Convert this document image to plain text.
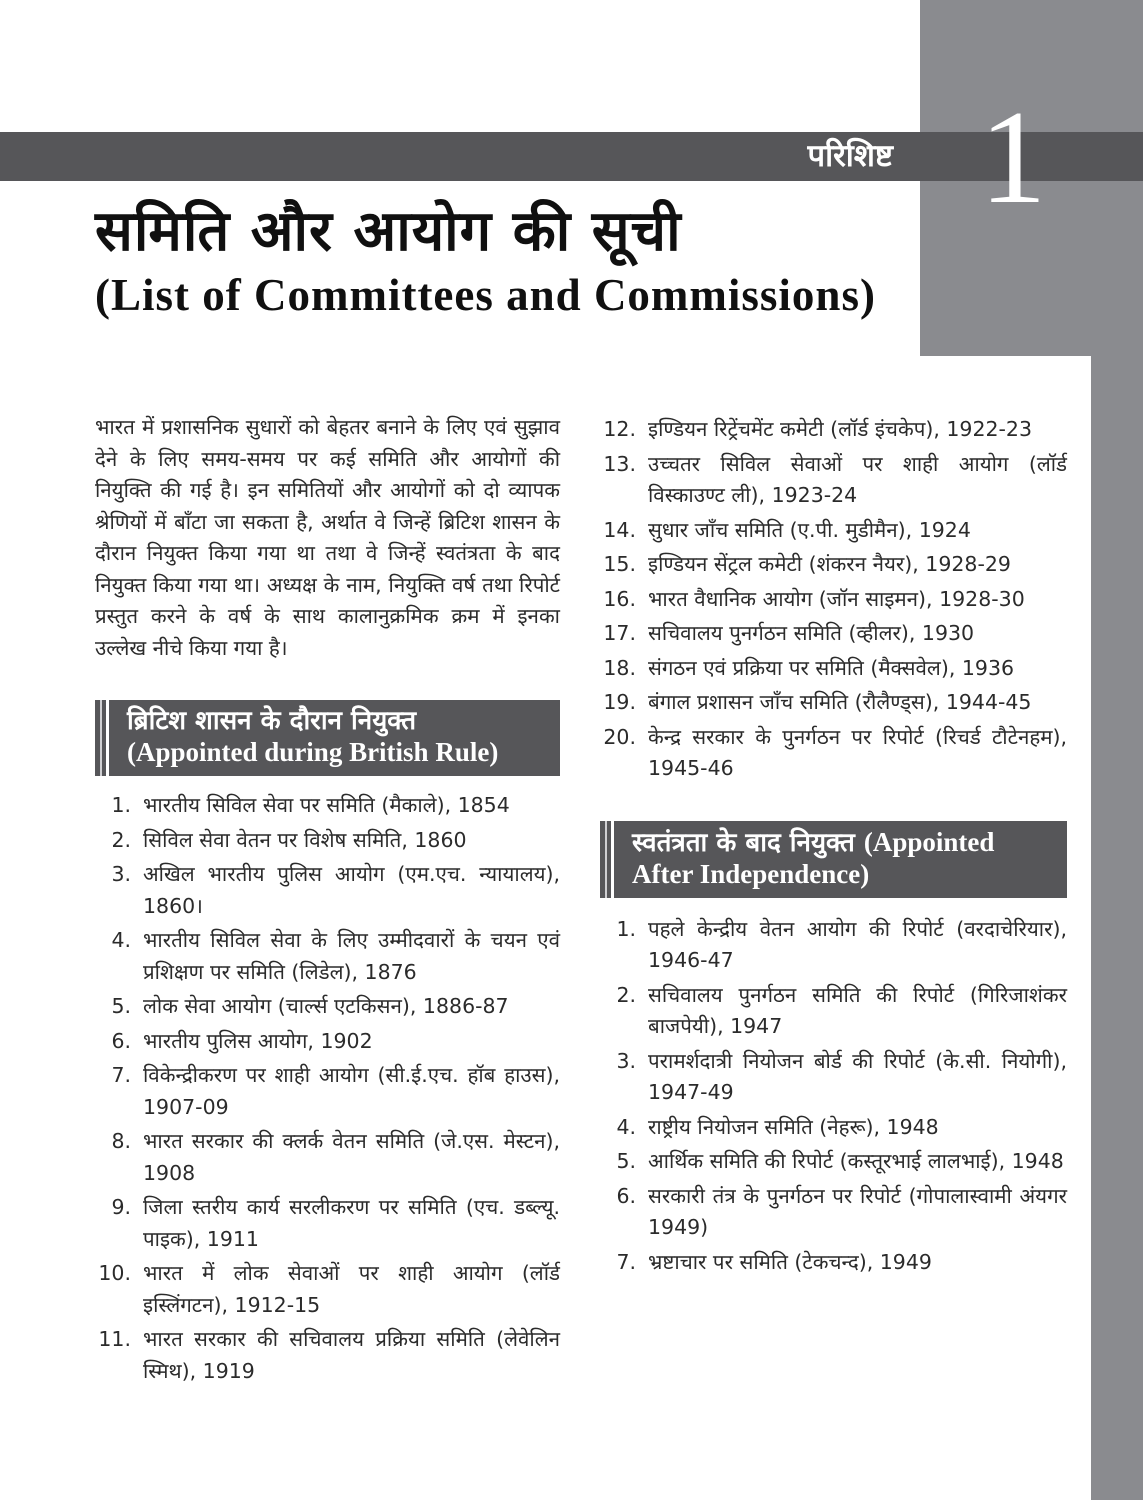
परिशिष्ट 1
समिति और आयोग की सूची
(List of Committees and Commissions)

भारत में प्रशासनिक सुधारों को बेहतर बनाने के लिए एवं सुझाव देने के लिए समय-समय पर कई समिति और आयोगों की नियुक्ति की गई है। इन समितियों और आयोगों को दो व्यापक श्रेणियों में बाँटा जा सकता है, अर्थात वे जिन्हें ब्रिटिश शासन के दौरान नियुक्त किया गया था तथा वे जिन्हें स्वतंत्रता के बाद नियुक्त किया गया था। अध्यक्ष के नाम, नियुक्ति वर्ष तथा रिपोर्ट प्रस्तुत करने के वर्ष के साथ कालानुक्रमिक क्रम में इनका उल्लेख नीचे किया गया है।

ब्रिटिश शासन के दौरान नियुक्त
(Appointed during British Rule)
1. भारतीय सिविल सेवा पर समिति (मैकाले), 1854
2. सिविल सेवा वेतन पर विशेष समिति, 1860
3. अखिल भारतीय पुलिस आयोग (एम.एच. न्यायालय), 1860।
4. भारतीय सिविल सेवा के लिए उम्मीदवारों के चयन एवं प्रशिक्षण पर समिति (लिडेल), 1876
5. लोक सेवा आयोग (चार्ल्स एटकिसन), 1886-87
6. भारतीय पुलिस आयोग, 1902
7. विकेन्द्रीकरण पर शाही आयोग (सी.ई.एच. हॉब हाउस), 1907-09
8. भारत सरकार की क्लर्क वेतन समिति (जे.एस. मेस्टन), 1908
9. जिला स्तरीय कार्य सरलीकरण पर समिति (एच. डब्ल्यू. पाइक), 1911
10. भारत में लोक सेवाओं पर शाही आयोग (लॉर्ड इस्लिंगटन), 1912-15
11. भारत सरकार की सचिवालय प्रक्रिया समिति (लेवेलिन स्मिथ), 1919
12. इण्डियन रिट्रेंचमेंट कमेटी (लॉर्ड इंचकेप), 1922-23
13. उच्चतर सिविल सेवाओं पर शाही आयोग (लॉर्ड विस्काउण्ट ली), 1923-24
14. सुधार जाँच समिति (ए.पी. मुडीमैन), 1924
15. इण्डियन सेंट्रल कमेटी (शंकरन नैयर), 1928-29
16. भारत वैधानिक आयोग (जॉन साइमन), 1928-30
17. सचिवालय पुनर्गठन समिति (व्हीलर), 1930
18. संगठन एवं प्रक्रिया पर समिति (मैक्सवेल), 1936
19. बंगाल प्रशासन जाँच समिति (रौलैण्ड्स), 1944-45
20. केन्द्र सरकार के पुनर्गठन पर रिपोर्ट (रिचर्ड टौटेनहम), 1945-46
स्वतंत्रता के बाद नियुक्त (Appointed After Independence)
1. पहले केन्द्रीय वेतन आयोग की रिपोर्ट (वरदाचेरियार), 1946-47
2. सचिवालय पुनर्गठन समिति की रिपोर्ट (गिरिजाशंकर बाजपेयी), 1947
3. परामर्शदात्री नियोजन बोर्ड की रिपोर्ट (के.सी. नियोगी), 1947-49
4. राष्ट्रीय नियोजन समिति (नेहरू), 1948
5. आर्थिक समिति की रिपोर्ट (कस्तूरभाई लालभाई), 1948
6. सरकारी तंत्र के पुनर्गठन पर रिपोर्ट (गोपालास्वामी अंयगर 1949)
7. भ्रष्टाचार पर समिति (टेकचन्द), 1949
